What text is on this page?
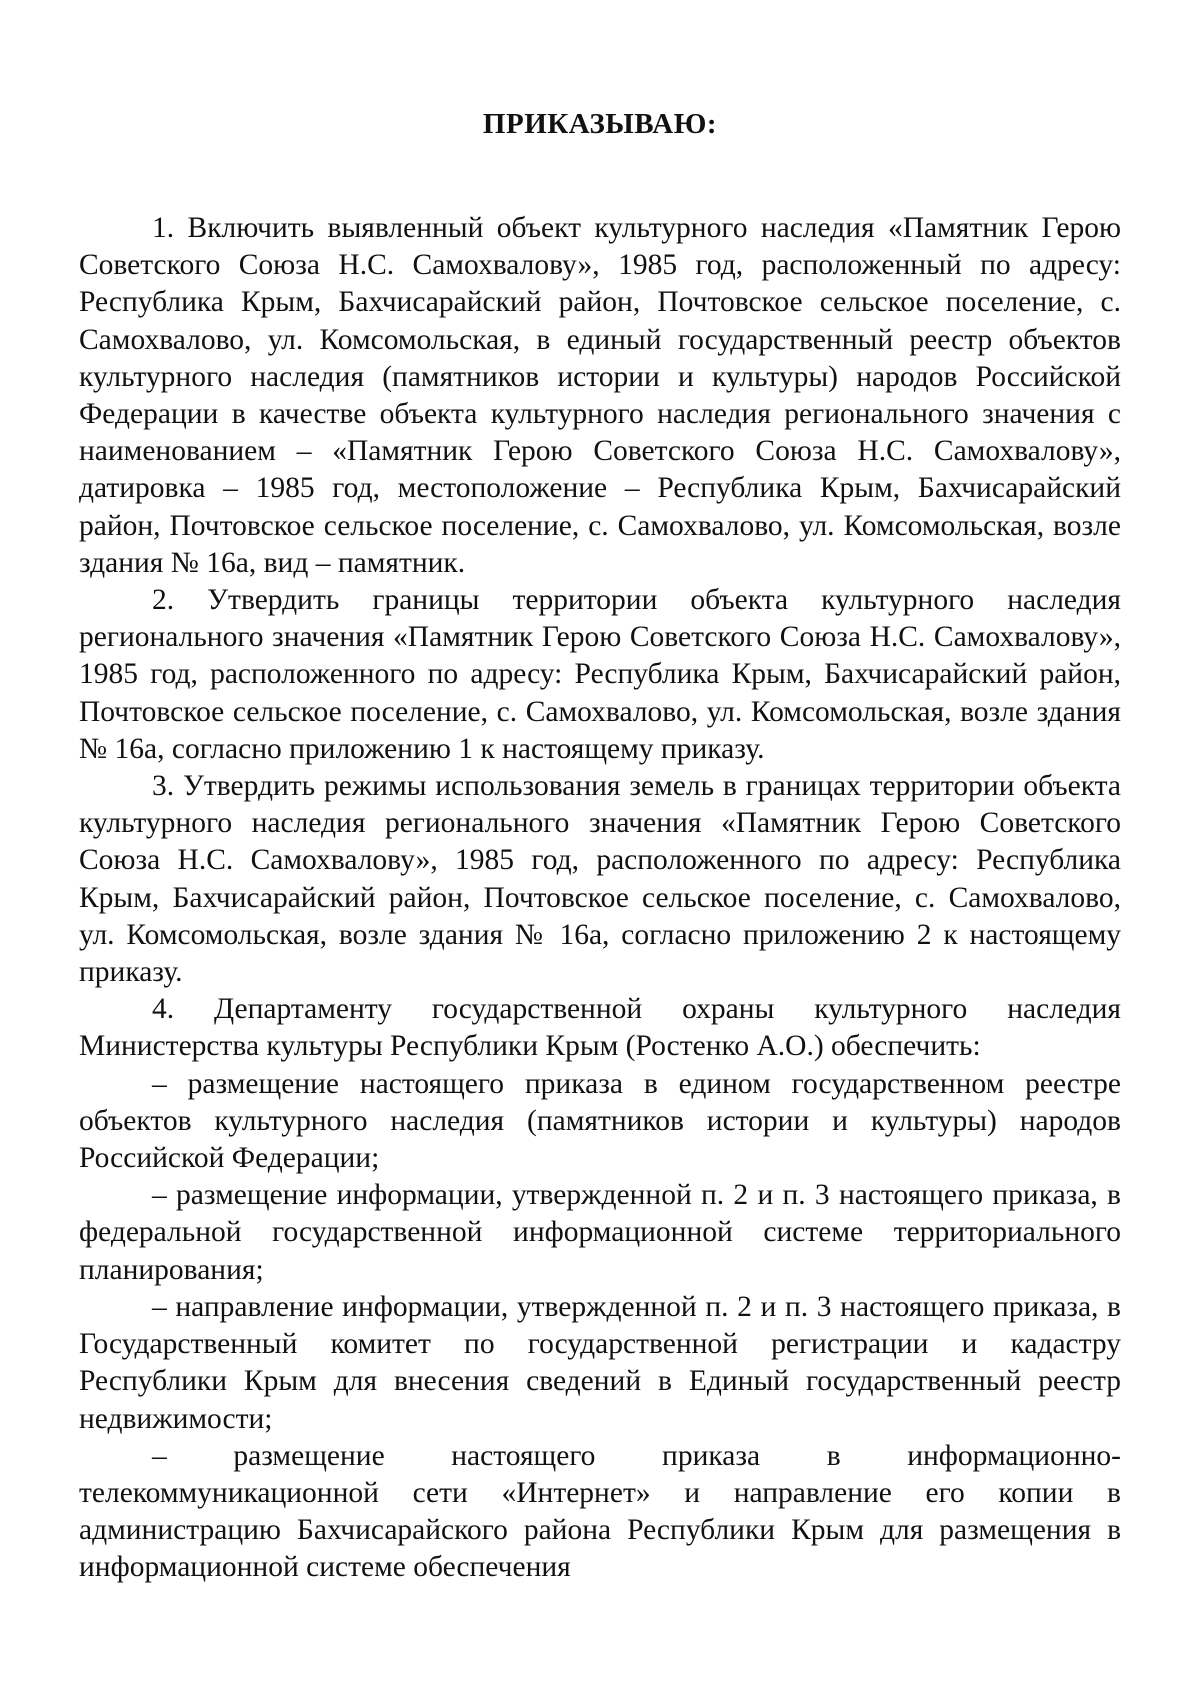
ПРИКАЗЫВАЮ:

1. Включить выявленный объект культурного наследия «Памятник Герою Советского Союза Н.С. Самохвалову», 1985 год, расположенный по адресу: Республика Крым, Бахчисарайский район, Почтовское сельское поселение, с. Самохвалово, ул. Комсомольская, в единый государственный реестр объектов культурного наследия (памятников истории и культуры) народов Российской Федерации в качестве объекта культурного наследия регионального значения с наименованием – «Памятник Герою Советского Союза Н.С. Самохвалову», датировка – 1985 год, местоположение – Республика Крым, Бахчисарайский район, Почтовское сельское поселение, с. Самохвалово, ул. Комсомольская, возле здания № 16а, вид – памятник.

2. Утвердить границы территории объекта культурного наследия регионального значения «Памятник Герою Советского Союза Н.С. Самохвалову», 1985 год, расположенного по адресу: Республика Крым, Бахчисарайский район, Почтовское сельское поселение, с. Самохвалово, ул. Комсомольская, возле здания № 16а, согласно приложению 1 к настоящему приказу.

3. Утвердить режимы использования земель в границах территории объекта культурного наследия регионального значения «Памятник Герою Советского Союза Н.С. Самохвалову», 1985 год, расположенного по адресу: Республика Крым, Бахчисарайский район, Почтовское сельское поселение, с. Самохвалово, ул. Комсомольская, возле здания № 16а, согласно приложению 2 к настоящему приказу.

4. Департаменту государственной охраны культурного наследия Министерства культуры Республики Крым (Ростенко А.О.) обеспечить:

– размещение настоящего приказа в едином государственном реестре объектов культурного наследия (памятников истории и культуры) народов Российской Федерации;

– размещение информации, утвержденной п. 2 и п. 3 настоящего приказа, в федеральной государственной информационной системе территориального планирования;

– направление информации, утвержденной п. 2 и п. 3 настоящего приказа, в Государственный комитет по государственной регистрации и кадастру Республики Крым для внесения сведений в Единый государственный реестр недвижимости;

– размещение настоящего приказа в информационно-телекоммуникационной сети «Интернет» и направление его копии в администрацию Бахчисарайского района Республики Крым для размещения в информационной системе обеспечения
